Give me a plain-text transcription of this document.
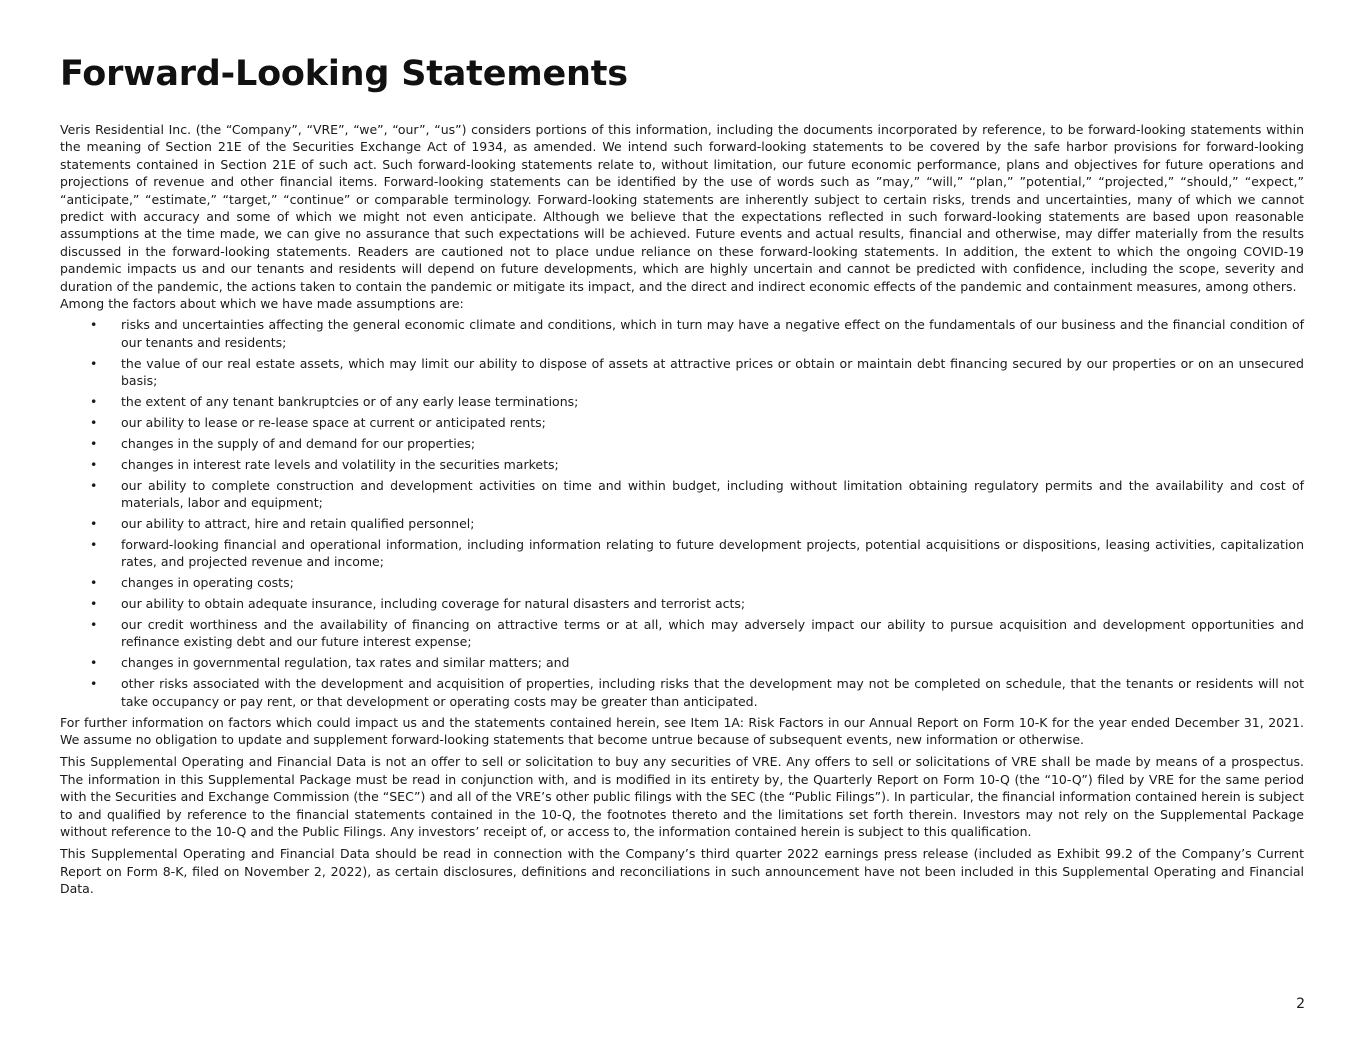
Forward-Looking Statements

Veris Residential Inc. (the “Company”, “VRE”, “we”, “our”, “us”) considers portions of this information, including the documents incorporated by reference, to be forward-looking statements within the meaning of Section 21E of the Securities Exchange Act of 1934, as amended. We intend such forward-looking statements to be covered by the safe harbor provisions for forward-looking statements contained in Section 21E of such act. Such forward-looking statements relate to, without limitation, our future economic performance, plans and objectives for future operations and projections of revenue and other financial items. Forward-looking statements can be identified by the use of words such as ”may,” “will,” “plan,” ”potential,” “projected,” “should,” “expect,” “anticipate,” “estimate,” “target,” “continue” or comparable terminology. Forward-looking statements are inherently subject to certain risks, trends and uncertainties, many of which we cannot predict with accuracy and some of which we might not even anticipate. Although we believe that the expectations reflected in such forward-looking statements are based upon reasonable assumptions at the time made, we can give no assurance that such expectations will be achieved. Future events and actual results, financial and otherwise, may differ materially from the results discussed in the forward-looking statements. Readers are cautioned not to place undue reliance on these forward-looking statements. In addition, the extent to which the ongoing COVID-19 pandemic impacts us and our tenants and residents will depend on future developments, which are highly uncertain and cannot be predicted with confidence, including the scope, severity and duration of the pandemic, the actions taken to contain the pandemic or mitigate its impact, and the direct and indirect economic effects of the pandemic and containment measures, among others.

Among the factors about which we have made assumptions are:

• risks and uncertainties affecting the general economic climate and conditions, which in turn may have a negative effect on the fundamentals of our business and the financial condition of our tenants and residents;
• the value of our real estate assets, which may limit our ability to dispose of assets at attractive prices or obtain or maintain debt financing secured by our properties or on an unsecured basis;
• the extent of any tenant bankruptcies or of any early lease terminations;
• our ability to lease or re-lease space at current or anticipated rents;
• changes in the supply of and demand for our properties;
• changes in interest rate levels and volatility in the securities markets;
• our ability to complete construction and development activities on time and within budget, including without limitation obtaining regulatory permits and the availability and cost of materials, labor and equipment;
• our ability to attract, hire and retain qualified personnel;
• forward-looking financial and operational information, including information relating to future development projects, potential acquisitions or dispositions, leasing activities, capitalization rates, and projected revenue and income;
• changes in operating costs;
• our ability to obtain adequate insurance, including coverage for natural disasters and terrorist acts;
• our credit worthiness and the availability of financing on attractive terms or at all, which may adversely impact our ability to pursue acquisition and development opportunities and refinance existing debt and our future interest expense;
• changes in governmental regulation, tax rates and similar matters; and
• other risks associated with the development and acquisition of properties, including risks that the development may not be completed on schedule, that the tenants or residents will not take occupancy or pay rent, or that development or operating costs may be greater than anticipated.

For further information on factors which could impact us and the statements contained herein, see Item 1A: Risk Factors in our Annual Report on Form 10-K for the year ended December 31, 2021. We assume no obligation to update and supplement forward-looking statements that become untrue because of subsequent events, new information or otherwise.

This Supplemental Operating and Financial Data is not an offer to sell or solicitation to buy any securities of VRE. Any offers to sell or solicitations of VRE shall be made by means of a prospectus. The information in this Supplemental Package must be read in conjunction with, and is modified in its entirety by, the Quarterly Report on Form 10-Q (the “10-Q”) filed by VRE for the same period with the Securities and Exchange Commission (the “SEC”) and all of the VRE’s other public filings with the SEC (the “Public Filings”). In particular, the financial information contained herein is subject to and qualified by reference to the financial statements contained in the 10-Q, the footnotes thereto and the limitations set forth therein. Investors may not rely on the Supplemental Package without reference to the 10-Q and the Public Filings. Any investors’ receipt of, or access to, the information contained herein is subject to this qualification.

This Supplemental Operating and Financial Data should be read in connection with the Company’s third quarter 2022 earnings press release (included as Exhibit 99.2 of the Company’s Current Report on Form 8-K, filed on November 2, 2022), as certain disclosures, definitions and reconciliations in such announcement have not been included in this Supplemental Operating and Financial Data.

2
